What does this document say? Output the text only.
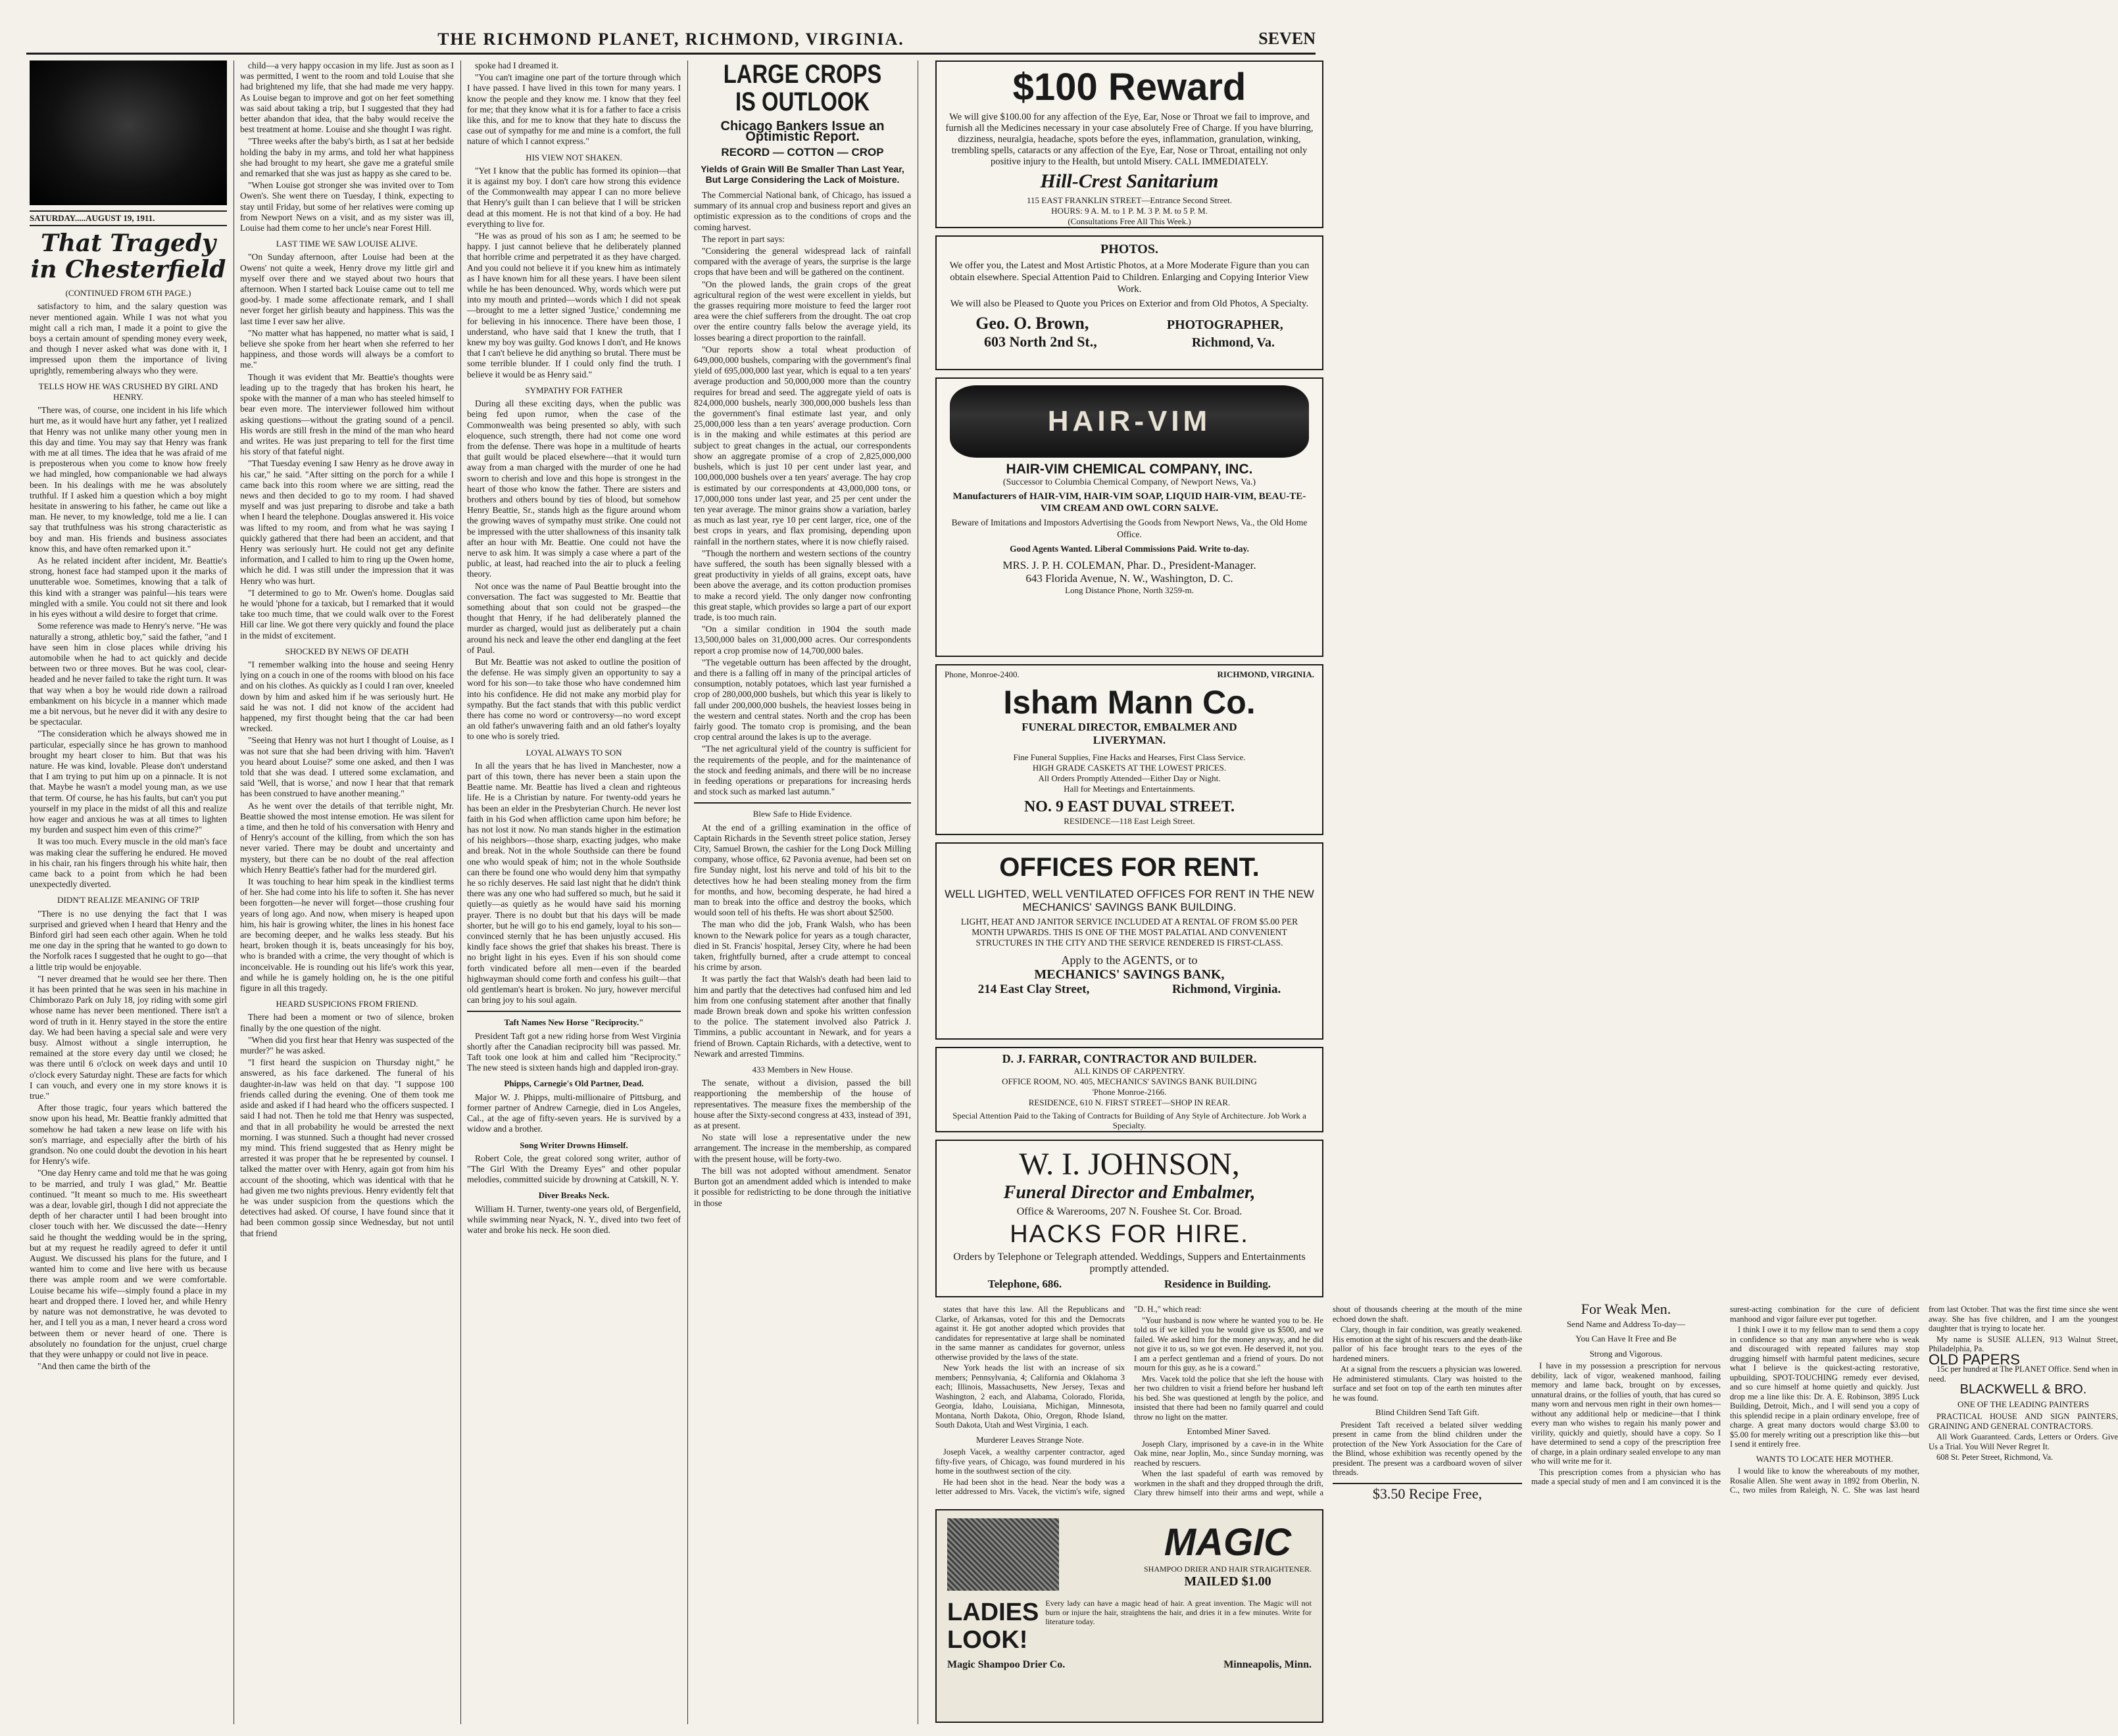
THE RICHMOND PLANET, RICHMOND, VIRGINIA.	SEVEN
SATURDAY.....AUGUST 19, 1911.
That Tragedy
in Chesterfield
(CONTINUED FROM 6TH PAGE.)

satisfactory to him, and the salary question was never mentioned again. While I was not what you might call a rich man, I made it a point to give the boys a certain amount of spending money every week, and though I never asked what was done with it, I impressed upon them the importance of living uprightly, remembering always who they were.

TELLS HOW HE WAS CRUSHED BY GIRL AND HENRY.

"There was, of course, one incident in his life which hurt me, as it would have hurt any father, yet I realized that Henry was not unlike many other young men in this day and time. You may say that Henry was frank with me at all times. The idea that he was afraid of me is preposterous when you come to know how freely we had mingled, how companionable we had always been. In his dealings with me he was absolutely truthful. If I asked him a question which a boy might hesitate in answering to his father, he came out like a man. He never, to my knowledge, told me a lie. I can say that truthfulness was his strong characteristic as boy and man. His friends and business associates know this, and have often remarked upon it."

As he related incident after incident, Mr. Beattie's strong, honest face had stamped upon it the marks of unutterable woe. Sometimes, knowing that a talk of this kind with a stranger was painful—his tears were mingled with a smile. You could not sit there and look in his eyes without a wild desire to forget that crime.

Some reference was made to Henry's nerve. "He was naturally a strong, athletic boy," said the father, "and I have seen him in close places while driving his automobile when he had to act quickly and decide between two or three moves. But he was cool, clear-headed and he never failed to take the right turn. It was that way when a boy he would ride down a railroad embankment on his bicycle in a manner which made me a bit nervous, but he never did it with any desire to be spectacular.

"The consideration which he always showed me in particular, especially since he has grown to manhood brought my heart closer to him. But that was his nature. He was kind, lovable. Please don't understand that I am trying to put him up on a pinnacle. It is not that. Maybe he wasn't a model young man, as we use that term. Of course, he has his faults, but can't you put yourself in my place in the midst of all this and realize how eager and anxious he was at all times to lighten my burden and suspect him even of this crime?"

It was too much. Every muscle in the old man's face was making clear the suffering he endured. He moved in his chair, ran his fingers through his white hair, then came back to a point from which he had been unexpectedly diverted.

DIDN'T REALIZE MEANING OF TRIP

"There is no use denying the fact that I was surprised and grieved when I heard that Henry and the Binford girl had seen each other again. When he told me one day in the spring that he wanted to go down to the Norfolk races I suggested that he ought to go—that a little trip would be enjoyable.

"I never dreamed that he would see her there. Then it has been printed that he was seen in his machine in Chimborazo Park on July 18, joy riding with some girl whose name has never been mentioned. There isn't a word of truth in it. Henry stayed in the store the entire day. We had been having a special sale and were very busy. Almost without a single interruption, he remained at the store every day until we closed; he was there until 6 o'clock on week days and until 10 o'clock every Saturday night. These are facts for which I can vouch, and every one in my store knows it is true."

After those tragic, four years which battered the snow upon his head, Mr. Beattie frankly admitted that somehow he had taken a new lease on life with his son's marriage, and especially after the birth of his grandson. No one could doubt the devotion in his heart for Henry's wife.

"One day Henry came and told me that he was going to be married, and truly I was glad," Mr. Beattie continued. "It meant so much to me. His sweetheart was a dear, lovable girl, though I did not appreciate the depth of her character until I had been brought into closer touch with her. We discussed the date—Henry said he thought the wedding would be in the spring, but at my request he readily agreed to defer it until August. We discussed his plans for the future, and I wanted him to come and live here with us because there was ample room and we were comfortable. Louise became his wife—simply found a place in my heart and dropped there. I loved her, and while Henry by nature was not demonstrative, he was devoted to her, and I tell you as a man, I never heard a cross word between them or never heard of one. There is absolutely no foundation for the unjust, cruel charge that they were unhappy or could not live in peace.

"And then came the birth of the

child—a very happy occasion in my life. Just as soon as I was permitted, I went to the room and told Louise that she had brightened my life, that she had made me very happy. As Louise began to improve and got on her feet something was said about taking a trip, but I suggested that they had better abandon that idea, that the baby would receive the best treatment at home. Louise and she thought I was right.

"Three weeks after the baby's birth, as I sat at her bedside holding the baby in my arms, and told her what happiness she had brought to my heart, she gave me a grateful smile and remarked that she was just as happy as she cared to be.

"When Louise got stronger she was invited over to Tom Owen's. She went there on Tuesday, I think, expecting to stay until Friday, but some of her relatives were coming up from Newport News on a visit, and as my sister was ill, Louise had them come to her uncle's near Forest Hill.

LAST TIME WE SAW LOUISE ALIVE.

"On Sunday afternoon, after Louise had been at the Owens' not quite a week, Henry drove my little girl and myself over there and we stayed about two hours that afternoon. When I started back Louise came out to tell me good-by. I made some affectionate remark, and I shall never forget her girlish beauty and happiness. This was the last time I ever saw her alive.

"No matter what has happened, no matter what is said, I believe she spoke from her heart when she referred to her happiness, and those words will always be a comfort to me."

Though it was evident that Mr. Beattie's thoughts were leading up to the tragedy that has broken his heart, he spoke with the manner of a man who has steeled himself to bear even more. The interviewer followed him without asking questions—without the grating sound of a pencil. His words are still fresh in the mind of the man who heard and writes. He was just preparing to tell for the first time his story of that fateful night.

"That Tuesday evening I saw Henry as he drove away in his car," he said. "After sitting on the porch for a while I came back into this room where we are sitting, read the news and then decided to go to my room. I had shaved myself and was just preparing to disrobe and take a bath when I heard the telephone. Douglas answered it. His voice was lifted to my room, and from what he was saying I quickly gathered that there had been an accident, and that Henry was seriously hurt. He could not get any definite information, and I called to him to ring up the Owen home, which he did. I was still under the impression that it was Henry who was hurt.

"I determined to go to Mr. Owen's home. Douglas said he would 'phone for a taxicab, but I remarked that it would take too much time, that we could walk over to the Forest Hill car line. We got there very quickly and found the place in the midst of excitement.

SHOCKED BY NEWS OF DEATH

"I remember walking into the house and seeing Henry lying on a couch in one of the rooms with blood on his face and on his clothes. As quickly as I could I ran over, kneeled down by him and asked him if he was seriously hurt. He said he was not. I did not know of the accident had happened, my first thought being that the car had been wrecked.

"Seeing that Henry was not hurt I thought of Louise, as I was not sure that she had been driving with him. 'Haven't you heard about Louise?' some one asked, and then I was told that she was dead. I uttered some exclamation, and said 'Well, that is worse,' and now I hear that that remark has been construed to have another meaning."

As he went over the details of that terrible night, Mr. Beattie showed the most intense emotion. He was silent for a time, and then he told of his conversation with Henry and of Henry's account of the killing, from which the son has never varied. There may be doubt and uncertainty and mystery, but there can be no doubt of the real affection which Henry Beattie's father had for the murdered girl.

It was touching to hear him speak in the kindliest terms of her. She had come into his life to soften it. She has never been forgotten—he never will forget—those crushing four years of long ago. And now, when misery is heaped upon him, his hair is growing whiter, the lines in his honest face are becoming deeper, and he walks less steady. But his heart, broken though it is, beats unceasingly for his boy, who is branded with a crime, the very thought of which is inconceivable. He is rounding out his life's work this year, and while he is gamely holding on, he is the one pitiful figure in all this tragedy.

HEARD SUSPICIONS FROM FRIEND.

There had been a moment or two of silence, broken finally by the one question of the night.

"When did you first hear that Henry was suspected of the murder?" he was asked.

"I first heard the suspicion on Thursday night," he answered, as his face darkened. The funeral of his daughter-in-law was held on that day. "I suppose 100 friends called during the evening. One of them took me aside and asked if I had heard who the officers suspected. I said I had not. Then he told me that Henry was suspected, and that in all probability he would be arrested the next morning. I was stunned. Such a thought had never crossed my mind. This friend suggested that as Henry might be arrested it was proper that he be represented by counsel. I talked the matter over with Henry, again got from him his account of the shooting, which was identical with that he had given me two nights previous. Henry evidently felt that he was under suspicion from the questions which the detectives had asked. Of course, I have found since that it had been common gossip since Wednesday, but not until that friend

spoke had I dreamed it.

"You can't imagine one part of the torture through which I have passed. I have lived in this town for many years. I know the people and they know me. I know that they feel for me; that they know what it is for a father to face a crisis like this, and for me to know that they hate to discuss the case out of sympathy for me and mine is a comfort, the full nature of which I cannot express."

HIS VIEW NOT SHAKEN.

"Yet I know that the public has formed its opinion—that it is against my boy. I don't care how strong this evidence of the Commonwealth may appear I can no more believe that Henry's guilt than I can believe that I will be stricken dead at this moment. He is not that kind of a boy. He had everything to live for.

"He was as proud of his son as I am; he seemed to be happy. I just cannot believe that he deliberately planned that horrible crime and perpetrated it as they have charged. And you could not believe it if you knew him as intimately as I have known him for all these years. I have been silent while he has been denounced. Why, words which were put into my mouth and printed—words which I did not speak—brought to me a letter signed 'Justice,' condemning me for believing in his innocence. There have been those, I understand, who have said that I knew the truth, that I knew my boy was guilty. God knows I don't, and He knows that I can't believe he did anything so brutal. There must be some terrible blunder. If I could only find the truth. I believe it would be as Henry said."

SYMPATHY FOR FATHER

During all these exciting days, when the public was being fed upon rumor, when the case of the Commonwealth was being presented so ably, with such eloquence, such strength, there had not come one word from the defense. There was hope in a multitude of hearts that guilt would be placed elsewhere—that it would turn away from a man charged with the murder of one he had sworn to cherish and love and this hope is strongest in the heart of those who know the father. There are sisters and brothers and others bound by ties of blood, but somehow Henry Beattie, Sr., stands high as the figure around whom the growing waves of sympathy must strike. One could not be impressed with the utter shallowness of this insanity talk after an hour with Mr. Beattie. One could not have the nerve to ask him. It was simply a case where a part of the public, at least, had reached into the air to pluck a feeling theory.

Not once was the name of Paul Beattie brought into the conversation. The fact was suggested to Mr. Beattie that something about that son could not be grasped—the thought that Henry, if he had deliberately planned the murder as charged, would just as deliberately put a chain around his neck and leave the other end dangling at the feet of Paul.

But Mr. Beattie was not asked to outline the position of the defense. He was simply given an opportunity to say a word for his son—to take those who have condemned him into his confidence. He did not make any morbid play for sympathy. But the fact stands that with this public verdict there has come no word or controversy—no word except an old father's unwavering faith and an old father's loyalty to one who is sorely tried.

LOYAL ALWAYS TO SON

In all the years that he has lived in Manchester, now a part of this town, there has never been a stain upon the Beattie name. Mr. Beattie has lived a clean and righteous life. He is a Christian by nature. For twenty-odd years he has been an elder in the Presbyterian Church. He never lost faith in his God when affliction came upon him before; he has not lost it now. No man stands higher in the estimation of his neighbors—those sharp, exacting judges, who make and break. Not in the whole Southside can there be found one who would speak of him; not in the whole Southside can there be found one who would deny him that sympathy he so richly deserves. He said last night that he didn't think there was any one who had suffered so much, but he said it quietly—as quietly as he would have said his morning prayer. There is no doubt but that his days will be made shorter, but he will go to his end gamely, loyal to his son—convinced sternly that he has been unjustly accused. His kindly face shows the grief that shakes his breast. There is no bright light in his eyes. Even if his son should come forth vindicated before all men—even if the bearded highwayman should come forth and confess his guilt—that old gentleman's heart is broken. No jury, however merciful can bring joy to his soul again.

Taft Names New Horse "Reciprocity."

President Taft got a new riding horse from West Virginia shortly after the Canadian reciprocity bill was passed. Mr. Taft took one look at him and called him "Reciprocity." The new steed is sixteen hands high and dappled iron-gray.

Phipps, Carnegie's Old Partner, Dead.

Major W. J. Phipps, multi-millionaire of Pittsburg, and former partner of Andrew Carnegie, died in Los Angeles, Cal., at the age of fifty-seven years. He is survived by a widow and a brother.

Song Writer Drowns Himself.

Robert Cole, the great colored song writer, author of "The Girl With the Dreamy Eyes" and other popular melodies, committed suicide by drowning at Catskill, N. Y.

Diver Breaks Neck.

William H. Turner, twenty-one years old, of Bergenfield, while swimming near Nyack, N. Y., dived into two feet of water and broke his neck. He soon died.

LARGE CROPS
IS OUTLOOK
Chicago Bankers Issue an Optimistic Report.
RECORD — COTTON — CROP
Yields of Grain Will Be Smaller Than Last Year, But Large Considering the Lack of Moisture.

The Commercial National bank, of Chicago, has issued a summary of its annual crop and business report and gives an optimistic expression as to the conditions of crops and the coming harvest.

The report in part says:

"Considering the general widespread lack of rainfall compared with the average of years, the surprise is the large crops that have been and will be gathered on the continent.

"On the plowed lands, the grain crops of the great agricultural region of the west were excellent in yields, but the grasses requiring more moisture to feed the larger root area were the chief sufferers from the drought. The oat crop over the entire country falls below the average yield, its losses bearing a direct proportion to the rainfall.

"Our reports show a total wheat production of 649,000,000 bushels, comparing with the government's final yield of 695,000,000 last year, which is equal to a ten years' average production and 50,000,000 more than the country requires for bread and seed. The aggregate yield of oats is 824,000,000 bushels, nearly 300,000,000 bushels less than the government's final estimate last year, and only 25,000,000 less than a ten years' average production. Corn is in the making and while estimates at this period are subject to great changes in the actual, our correspondents show an aggregate promise of a crop of 2,825,000,000 bushels, which is just 10 per cent under last year, and 100,000,000 bushels over a ten years' average. The hay crop is estimated by our correspondents at 43,000,000 tons, or 17,000,000 tons under last year, and 25 per cent under the ten year average. The minor grains show a variation, barley as much as last year, rye 10 per cent larger, rice, one of the best crops in years, and flax promising, depending upon rainfall in the northern states, where it is now chiefly raised.

"Though the northern and western sections of the country have suffered, the south has been signally blessed with a great productivity in yields of all grains, except oats, have been above the average, and its cotton production promises to make a record yield. The only danger now confronting this great staple, which provides so large a part of our export trade, is too much rain.

"On a similar condition in 1904 the south made 13,500,000 bales on 31,000,000 acres. Our correspondents report a crop promise now of 14,700,000 bales.

"The vegetable outturn has been affected by the drought, and there is a falling off in many of the principal articles of consumption, notably potatoes, which last year furnished a crop of 280,000,000 bushels, but which this year is likely to fall under 200,000,000 bushels, the heaviest losses being in the western and central states. North and the crop has been fairly good. The tomato crop is promising, and the bean crop central around the lakes is up to the average.

"The net agricultural yield of the country is sufficient for the requirements of the people, and for the maintenance of the stock and feeding animals, and there will be no increase in feeding operations or preparations for increasing herds and stock such as marked last autumn."

Blew Safe to Hide Evidence.

At the end of a grilling examination in the office of Captain Richards in the Seventh street police station, Jersey City, Samuel Brown, the cashier for the Long Dock Milling company, whose office, 62 Pavonia avenue, had been set on fire Sunday night, lost his nerve and told of his bit to the detectives how he had been stealing money from the firm for months, and how, becoming desperate, he had hired a man to break into the office and destroy the books, which would soon tell of his thefts. He was short about $2500.

The man who did the job, Frank Walsh, who has been known to the Newark police for years as a tough character, died in St. Francis' hospital, Jersey City, where he had been taken, frightfully burned, after a crude attempt to conceal his crime by arson.

It was partly the fact that Walsh's death had been laid to him and partly that the detectives had confused him and led him from one confusing statement after another that finally made Brown break down and spoke his written confession to the police. The statement involved also Patrick J. Timmins, a public accountant in Newark, and for years a friend of Brown. Captain Richards, with a detective, went to Newark and arrested Timmins.

433 Members in New House.

The senate, without a division, passed the bill reapportioning the membership of the house of representatives. The measure fixes the membership of the house after the Sixty-second congress at 433, instead of 391, as at present.

No state will lose a representative under the new arrangement. The increase in the membership, as compared with the present house, will be forty-two.

The bill was not adopted without amendment. Senator Burton got an amendment added which is intended to make it possible for redistricting to be done through the initiative in those

$100 Reward
We will give $100.00 for any affection of the Eye, Ear, Nose or Throat we fail to improve, and furnish all the Medicines necessary in your case absolutely Free of Charge. If you have blurring, dizziness, neuralgia, headache, spots before the eyes, inflammation, granulation, winking, trembling spells, cataracts or any affection of the Eye, Ear, Nose or Throat, entailing not only positive injury to the Health, but untold Misery. CALL IMMEDIATELY.
Hill-Crest Sanitarium
115 EAST FRANKLIN STREET—Entrance Second Street.
HOURS: 9 A. M. to 1 P. M. 3 P. M. to 5 P. M.
(Consultations Free All This Week.)
PHOTOS.
We offer you, the Latest and Most Artistic Photos, at a More Moderate Figure than you can obtain elsewhere. Special Attention Paid to Children. Enlarging and Copying Interior View Work.
We will also be Pleased to Quote you Prices on Exterior and from Old Photos, A Specialty.
Geo. O. Brown,	PHOTOGRAPHER,
603 North 2nd St.,	Richmond, Va.
HAIR-VIM
HAIR-VIM CHEMICAL COMPANY, INC.
(Successor to Columbia Chemical Company, of Newport News, Va.)
Manufacturers of HAIR-VIM, HAIR-VIM SOAP, LIQUID HAIR-VIM, BEAU-TE-VIM CREAM AND OWL CORN SALVE.
Beware of Imitations and Impostors Advertising the Goods from Newport News, Va., the Old Home Office.
Good Agents Wanted. Liberal Commissions Paid. Write to-day.
MRS. J. P. H. COLEMAN, Phar. D., President-Manager.
643 Florida Avenue, N. W., Washington, D. C.
Long Distance Phone, North 3259-m.
Phone, Monroe-2400.	RICHMOND, VIRGINIA.
Isham Mann Co.
FUNERAL DIRECTOR, EMBALMER AND
LIVERYMAN.
Fine Funeral Supplies, Fine Hacks and Hearses, First Class Service.
HIGH GRADE CASKETS AT THE LOWEST PRICES.
All Orders Promptly Attended—Either Day or Night.
Hall for Meetings and Entertainments.
NO. 9 EAST DUVAL STREET.
RESIDENCE—118 East Leigh Street.
OFFICES FOR RENT.
WELL LIGHTED, WELL VENTILATED OFFICES FOR RENT IN THE NEW MECHANICS' SAVINGS BANK BUILDING.
LIGHT, HEAT AND JANITOR SERVICE INCLUDED AT A RENTAL OF FROM $5.00 PER MONTH UPWARDS. THIS IS ONE OF THE MOST PALATIAL AND CONVENIENT STRUCTURES IN THE CITY AND THE SERVICE RENDERED IS FIRST-CLASS.
Apply to the AGENTS, or to
MECHANICS' SAVINGS BANK,
214 East Clay Street,	Richmond, Virginia.
D. J. FARRAR, CONTRACTOR AND BUILDER.
ALL KINDS OF CARPENTRY.
OFFICE ROOM, NO. 405, MECHANICS' SAVINGS BANK BUILDING
'Phone Monroe-2166.
RESIDENCE, 610 N. FIRST STREET—SHOP IN REAR.
Special Attention Paid to the Taking of Contracts for Building of Any Style of Architecture. Job Work a Specialty.
W. I. JOHNSON,
Funeral Director and Embalmer,
Office & Warerooms, 207 N. Foushee St. Cor. Broad.
HACKS FOR HIRE.
Orders by Telephone or Telegraph attended. Weddings, Suppers and Entertainments promptly attended.
Telephone, 686.	Residence in Building.
MAGIC
SHAMPOO DRIER AND HAIR STRAIGHTENER.
MAILED $1.00
LADIES LOOK!
Every lady can have a magic head of hair. A great invention. The Magic will not burn or injure the hair, straightens the hair, and dries it in a few minutes. Write for literature today.
Magic Shampoo Drier Co.	Minneapolis, Minn.

states that have this law. All the Republicans and Clarke, of Arkansas, voted for this and the Democrats against it. He got another adopted which provides that candidates for representative at large shall be nominated in the same manner as candidates for governor, unless otherwise provided by the laws of the state.

New York heads the list with an increase of six members; Pennsylvania, 4; California and Oklahoma 3 each; Illinois, Massachusetts, New Jersey, Texas and Washington, 2 each, and Alabama, Colorado, Florida, Georgia, Idaho, Louisiana, Michigan, Minnesota, Montana, North Dakota, Ohio, Oregon, Rhode Island, South Dakota, Utah and West Virginia, 1 each.

Murderer Leaves Strange Note.

Joseph Vacek, a wealthy carpenter contractor, aged fifty-five years, of Chicago, was found murdered in his home in the southwest section of the city.

He had been shot in the head. Near the body was a letter addressed to Mrs. Vacek, the victim's wife, signed "D. H.," which read:

"Your husband is now where he wanted you to be. He told us if we killed you he would give us $500, and we failed. We asked him for the money anyway, and he did not give it to us, so we got even. He deserved it, not you. I am a perfect gentleman and a friend of yours. Do not mourn for this guy, as he is a coward."

Mrs. Vacek told the police that she left the house with her two children to visit a friend before her husband left his bed. She was questioned at length by the police, and insisted that there had been no family quarrel and could throw no light on the matter.

Entombed Miner Saved.

Joseph Clary, imprisoned by a cave-in in the White Oak mine, near Joplin, Mo., since Sunday morning, was reached by rescuers.

When the last spadeful of earth was removed by workmen in the shaft and they dropped through the drift, Clary threw himself into their arms and wept, while a shout of thousands cheering at the mouth of the mine echoed down the shaft.

Clary, though in fair condition, was greatly weakened. His emotion at the sight of his rescuers and the death-like pallor of his face brought tears to the eyes of the hardened miners.

At a signal from the rescuers a physician was lowered. He administered stimulants. Clary was hoisted to the surface and set foot on top of the earth ten minutes after he was found.

Blind Children Send Taft Gift.

President Taft received a belated silver wedding present in came from the blind children under the protection of the New York Association for the Care of the Blind, whose exhibition was recently opened by the president. The present was a cardboard woven of silver threads.

$3.50 Recipe Free,
For Weak Men.
Send Name and Address To-day—
You Can Have It Free and Be
Strong and Vigorous.

I have in my possession a prescription for nervous debility, lack of vigor, weakened manhood, failing memory and lame back, brought on by excesses, unnatural drains, or the follies of youth, that has cured so many worn and nervous men right in their own homes—without any additional help or medicine—that I think every man who wishes to regain his manly power and virility, quickly and quietly, should have a copy. So I have determined to send a copy of the prescription free of charge, in a plain ordinary sealed envelope to any man who will write me for it.

This prescription comes from a physician who has made a special study of men and I am convinced it is the surest-acting combination for the cure of deficient manhood and vigor failure ever put together.

I think I owe it to my fellow man to send them a copy in confidence so that any man anywhere who is weak and discouraged with repeated failures may stop drugging himself with harmful patent medicines, secure what I believe is the quickest-acting restorative, upbuilding, SPOT-TOUCHING remedy ever devised, and so cure himself at home quietly and quickly. Just drop me a line like this: Dr. A. E. Robinson, 3895 Luck Building, Detroit, Mich., and I will send you a copy of this splendid recipe in a plain ordinary envelope, free of charge. A great many doctors would charge $3.00 to $5.00 for merely writing out a prescription like this—but I send it entirely free.

WANTS TO LOCATE HER MOTHER.

I would like to know the whereabouts of my mother, Rosalie Allen. She went away in 1892 from Oberlin, N. C., two miles from Raleigh, N. C. She was last heard from last October. That was the first time since she went away. She has five children, and I am the youngest daughter that is trying to locate her.

My name is SUSIE ALLEN, 913 Walnut Street, Philadelphia, Pa.

OLD PAPERS

15c per hundred at The PLANET Office. Send when in need.

BLACKWELL & BRO.
ONE OF THE LEADING PAINTERS

PRACTICAL HOUSE AND SIGN PAINTERS, GRAINING AND GENERAL CONTRACTORS.

All Work Guaranteed. Cards, Letters or Orders. Give Us a Trial. You Will Never Regret It.

608 St. Peter Street, Richmond, Va.
